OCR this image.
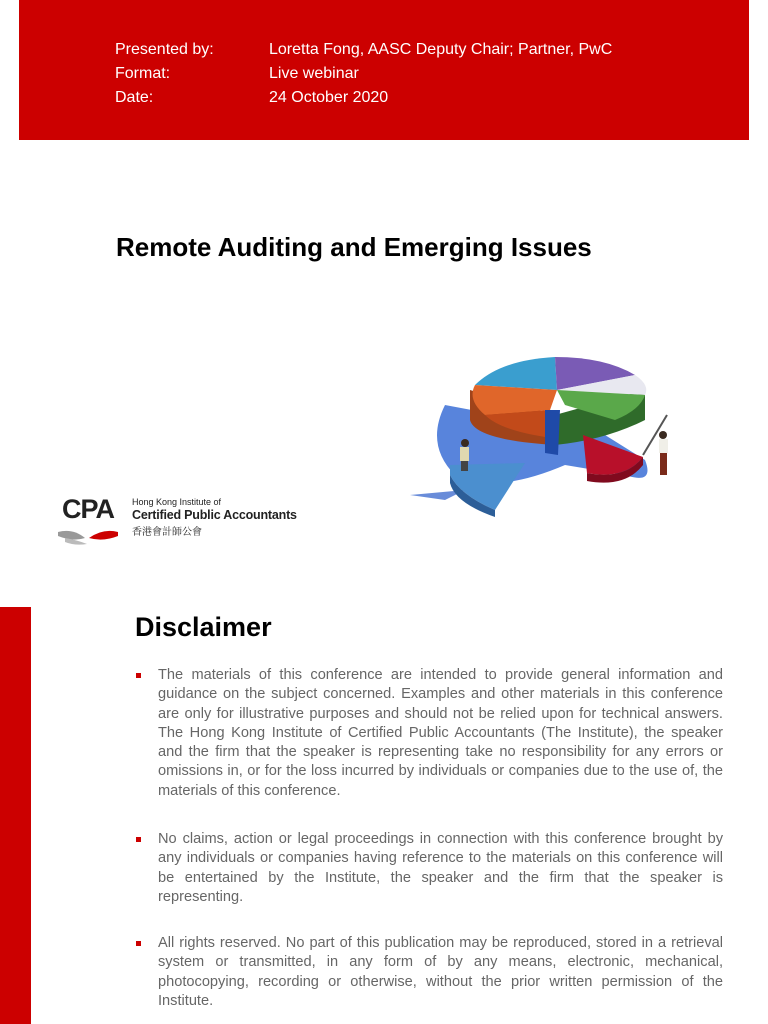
Presented by:	Loretta Fong, AASC Deputy Chair; Partner, PwC
Format:	Live webinar
Date:	24 October 2020
Remote Auditing and Emerging Issues
CPA Hong Kong Institute of
Certified Public Accountants
香港會計師公會
Disclaimer

The materials of this conference are intended to provide general information and guidance on the subject concerned. Examples and other materials in this conference are only for illustrative purposes and should not be relied upon for technical answers. The Hong Kong Institute of Certified Public Accountants (The Institute), the speaker and the firm that the speaker is representing take no responsibility for any errors or omissions in, or for the loss incurred by individuals or companies due to the use of, the materials of this conference.

No claims, action or legal proceedings in connection with this conference brought by any individuals or companies having reference to the materials on this conference will be entertained by the Institute, the speaker and the firm that the speaker is representing.

All rights reserved. No part of this publication may be reproduced, stored in a retrieval system or transmitted, in any form of by any means, electronic, mechanical, photocopying, recording or otherwise, without the prior written permission of the Institute.
